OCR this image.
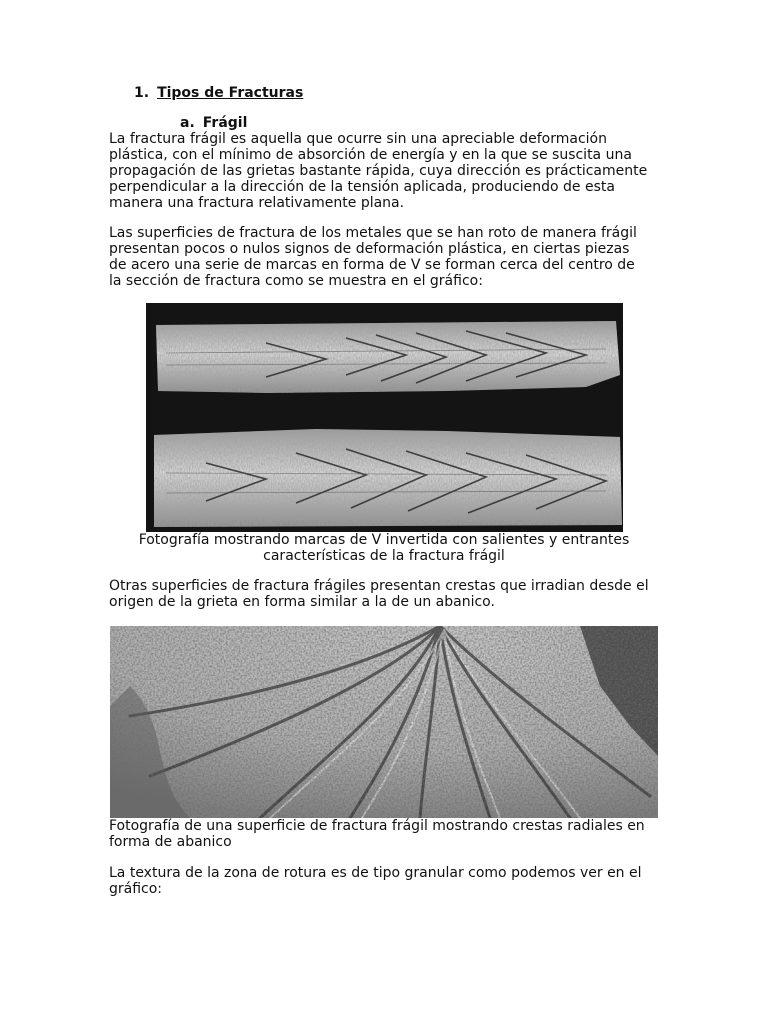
1. Tipos de Fracturas
a. Frágil

La fractura frágil es aquella que ocurre sin una apreciable deformación
plástica, con el mínimo de absorción de energía y en la que se suscita una
propagación de las grietas bastante rápida, cuya dirección es prácticamente
perpendicular a la dirección de la tensión aplicada, produciendo de esta
manera una fractura relativamente plana.

Las superficies de fractura de los metales que se han roto de manera frágil
presentan pocos o nulos signos de deformación plástica, en ciertas piezas
de acero una serie de marcas en forma de V se forman cerca del centro de
la sección de fractura como se muestra en el gráfico:

Fotografía mostrando marcas de V invertida con salientes y entrantes
características de la fractura frágil

Otras superficies de fractura frágiles presentan crestas que irradian desde el
origen de la grieta en forma similar a la de un abanico.

Fotografía de una superficie de fractura frágil mostrando crestas radiales en
forma de abanico

La textura de la zona de rotura es de tipo granular como podemos ver en el
gráfico:
